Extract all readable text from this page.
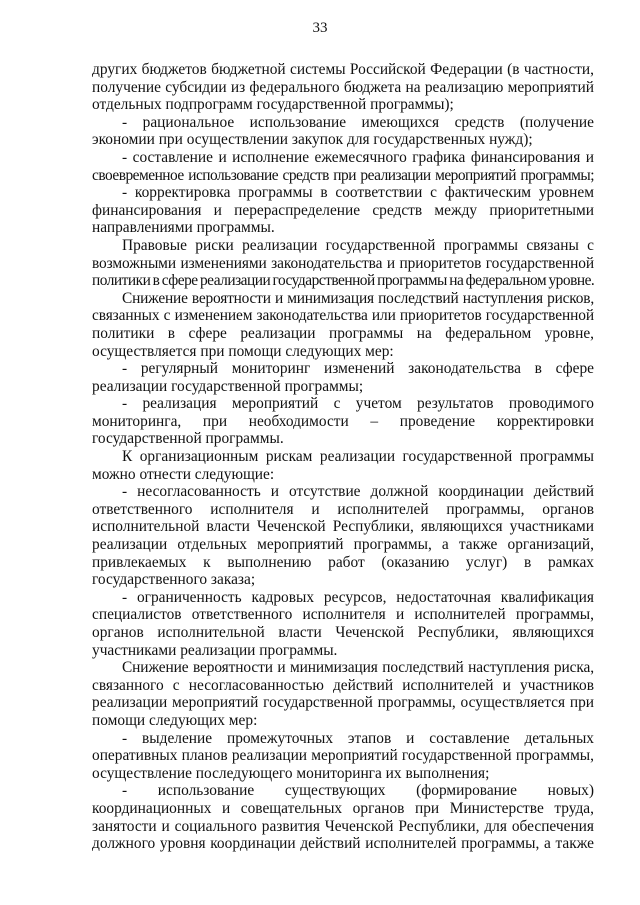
33
других бюджетов бюджетной системы Российской Федерации (в частности,
получение субсидии из федерального бюджета на реализацию мероприятий
отдельных подпрограмм государственной программы);
- рациональное использование имеющихся средств (получение
экономии при осуществлении закупок для государственных нужд);
- составление и исполнение ежемесячного графика финансирования и
своевременное использование средств при реализации мероприятий программы;
- корректировка программы в соответствии с фактическим уровнем
финансирования и перераспределение средств между приоритетными
направлениями программы.
Правовые риски реализации государственной программы связаны с
возможными изменениями законодательства и приоритетов государственной
политики в сфере реализации государственной программы на федеральном уровне.
Снижение вероятности и минимизация последствий наступления рисков,
связанных с изменением законодательства или приоритетов государственной
политики в сфере реализации программы на федеральном уровне,
осуществляется при помощи следующих мер:
- регулярный мониторинг изменений законодательства в сфере
реализации государственной программы;
- реализация мероприятий с учетом результатов проводимого
мониторинга, при необходимости – проведение корректировки
государственной программы.
К организационным рискам реализации государственной программы
можно отнести следующие:
- несогласованность и отсутствие должной координации действий
ответственного исполнителя и исполнителей программы, органов
исполнительной власти Чеченской Республики, являющихся участниками
реализации отдельных мероприятий программы, а также организаций,
привлекаемых к выполнению работ (оказанию услуг) в рамках
государственного заказа;
- ограниченность кадровых ресурсов, недостаточная квалификация
специалистов ответственного исполнителя и исполнителей программы,
органов исполнительной власти Чеченской Республики, являющихся
участниками реализации программы.
Снижение вероятности и минимизация последствий наступления риска,
связанного с несогласованностью действий исполнителей и участников
реализации мероприятий государственной программы, осуществляется при
помощи следующих мер:
- выделение промежуточных этапов и составление детальных
оперативных планов реализации мероприятий государственной программы,
осуществление последующего мониторинга их выполнения;
- использование существующих (формирование новых)
координационных и совещательных органов при Министерстве труда,
занятости и социального развития Чеченской Республики, для обеспечения
должного уровня координации действий исполнителей программы, а также
